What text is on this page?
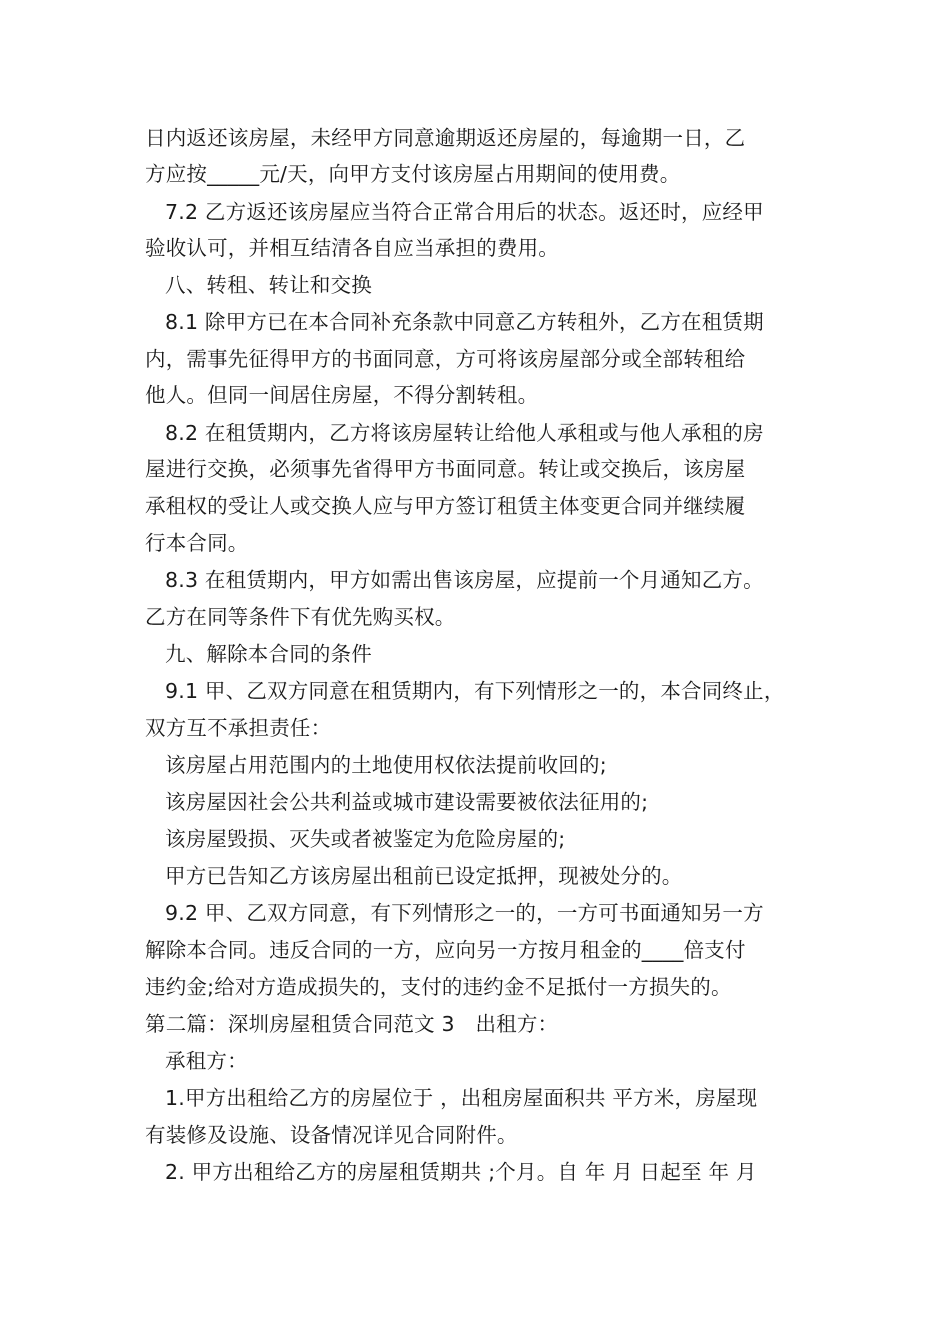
日内返还该房屋，未经甲方同意逾期返还房屋的，每逾期一日，乙
方应按_____元/天，向甲方支付该房屋占用期间的使用费。
7.2 乙方返还该房屋应当符合正常合用后的状态。返还时，应经甲
验收认可，并相互结清各自应当承担的费用。
八、转租、转让和交换
8.1 除甲方已在本合同补充条款中同意乙方转租外，乙方在租赁期
内，需事先征得甲方的书面同意，方可将该房屋部分或全部转租给
他人。但同一间居住房屋，不得分割转租。
8.2 在租赁期内，乙方将该房屋转让给他人承租或与他人承租的房
屋进行交换，必须事先省得甲方书面同意。转让或交换后，该房屋
承租权的受让人或交换人应与甲方签订租赁主体变更合同并继续履
行本合同。
8.3 在租赁期内，甲方如需出售该房屋，应提前一个月通知乙方。
乙方在同等条件下有优先购买权。
九、解除本合同的条件
9.1 甲、乙双方同意在租赁期内，有下列情形之一的，本合同终止，
双方互不承担责任：
该房屋占用范围内的土地使用权依法提前收回的;
该房屋因社会公共利益或城市建设需要被依法征用的;
该房屋毁损、灭失或者被鉴定为危险房屋的;
甲方已告知乙方该房屋出租前已设定抵押，现被处分的。
9.2 甲、乙双方同意，有下列情形之一的，一方可书面通知另一方
解除本合同。违反合同的一方，应向另一方按月租金的____倍支付
违约金;给对方造成损失的，支付的违约金不足抵付一方损失的。
第二篇：深圳房屋租赁合同范文 3　出租方：
承租方：
1.甲方出租给乙方的房屋位于 ，出租房屋面积共 平方米，房屋现
有装修及设施、设备情况详见合同附件。
2. 甲方出租给乙方的房屋租赁期共 ;个月。自 年 月 日起至 年 月
